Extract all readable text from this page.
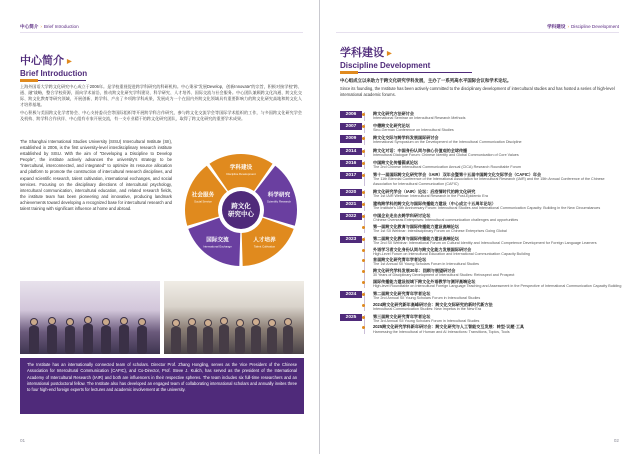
中心简介 › Brief Introduction
中心简介 ▶
Brief Introduction

上海外国语大学跨文化研究中心成立于2006年。是学校重视促进跨学科研究的科研机构。中心秉承“发展Develop，创新Innovate”的宗旨，积极对接学校“跨、通、融”战略，整合学校资源，面向学术前沿，推动跨文化研究学科建设、科学研究、人才培养、国际交流与社会服务。中心团队兼顾跨文化沟通、跨文化交际、跨文化教育等研究领域，开展创新、跨学科、产出了多项跨学科成果，发展成为一个在国内外跨文化领域具有重要影响力的跨文化研究高地和跨文化人才培养基地。

中心积极与美国跨文化学者协会、中心支持委员会等国际组织等开展跨学科合作研究，参与跨文化交流学会等国际学术组织的工作，与多国跨文化研究学会及机构、跨学科合作伙伴、中心组有专家开展交流，有一支专业精干的跨文化研究团队，取得了跨文化研究的重要学术成果。

The Shanghai International Studies University (SISU) Intercultural Institute (SII), established in 2006, is the first university-level interdisciplinary research institute established by SISU. With the aim of "Developing a Discipline to Develop People", the institute actively advances the university's strategy to be "intercultural, interconnected, and integrated" to optimize its resource allocation and platform to promote the construction of intercultural research disciplines, and expand scientific research, talent cultivation, international exchanges, and social services. Focusing on the disciplinary directions of intercultural psychology, intercultural communication, intercultural education, and related research fields, the institute team has been pioneering and innovative, producing landmark achievements toward developing a recognized base for intercultural research and talent training with significant influence at home and abroad.	跨文化
研究中心
学科建设
Discipline Development
科学研究
Scientific Research
人才培养
Talent Cultivation
国际交流
International Exchange
社会服务
Social Service
The Institute has an internationally connected team of scholars. Director Prof. Zhang Hongling, serves as the Vice President of the Chinese Association for Intercultural Communication (CAFIC), and Co-Director, Prof. Steve J. Kulich, has served as the president of the International Academy of Intercultural Research (IAIR) and both are influencers in their respective spheres. The team includes six full-time researchers and an international postdoctoral fellow. The Institute also has developed an engaged team of collaborating international scholars and annually invites three to four high-end foreign experts for lectures and academic involvement at the university.
01
学科建设 › Discipline Development
02
学科建设 ▶
Discipline Development
中心组成立以来助力于跨文化研究学科发展，主办了一系列高水平国际会议和学术论坛。
Since its founding, the Institute has been actively committed to the disciplinary development of intercultural studies and has hosted a series of high-level international academic forums.
2006	跨文化研究方法研讨会
International Seminar on Intercultural Research Methods
2007	中德跨文化研究论坛
Sino-German Conference on Intercultural Studies
2009	跨文化交际与跨学科发展国际研讨会
International Symposium on the Development of the Intercultural Communication Discipline
2014	跨文化对话：中国身份认同与核心价值观的全球传播
Intercultural Dialogue Forum: Chinese Identity and Global Communication of Core Values
2016	中国跨文化传播圆桌论坛
The 2nd Chinese Intercultural Communication Annual (CICA) Research Roundtable Forum
2017	第十一届国际跨文化研究学会（IAIR）双年会暨第十五届中国跨文化交际学会（CAFIC）年会
The 11th Biennial Conference of the International Association for Intercultural Research (IAIR) and the 15th Annual Conference of the Chinese Association for Intercultural Communication (CAFIC)
2020	跨文化研究学会（IAIR）论坛：后疫情时代的跨文化研究
The 1st IAIR Webinar: Intercultural Research in the Post-Epidemic Era
2021	建构跨学科的跨文化与国际传播能力建设（中心成立十五周年论坛）
The Institute's 15th Anniversary Forum: Intercultural Studies and International Communication Capacity: Building in the New Circumstances
2022	中国企业走出去跨学科研讨论坛
Chinese Overseas Enterprises: Intercultural communication challenges and opportunities
第一届跨文化教育与国际传播能力建设高端论坛
The 1st SII Webinar: Interdisciplinary Forum on Chinese Enterprises Going Global
2023	第二届跨文化教育与国际传播能力建设高端论坛
The 2nd SII Webinar: International Forum on Cultural Identity and Intercultural Competence Development for Foreign Language Learners
外语学习者文化身份认同与跨文化能力发展国际研讨会
High-Level Forum on Intercultural Education and International Communication Capacity Building
首届跨文化研究青年学者论坛
The 1st Annual SII Young Scholars Forum in Intercultural Studies
跨文化研究学科发展30年：回顾与展望研讨会
30 Years of Disciplinary Development of Intercultural Studies: Retrospect and Prospect
国际传播能力建设视域下跨文化外语教学与测评高端论坛
High-level Roundtable on Intercultural Foreign Language Teaching and Assessment in the Perspective of International Communication Capacity Building
2024	第二届跨文化研究青年学者论坛
The 2nd Annual SII Young Scholars Forum in Intercultural Studies
2024跨文化研究新年高峰研讨会：跨文化交际研究的新时代新方法
Intercultural Communication Studies: New Impetus in the New Era
2025	第三届跨文化研究青年学者论坛
The 3rd Annual SII Young Scholars Forum in Intercultural Studies
2025跨文化研究学科新年研讨会：跨文化研究与人工智能交互发展：转型·议题·工具
Harnessing the Intercultural of Human and AI Interactions: Transitions, Topics, Tools
